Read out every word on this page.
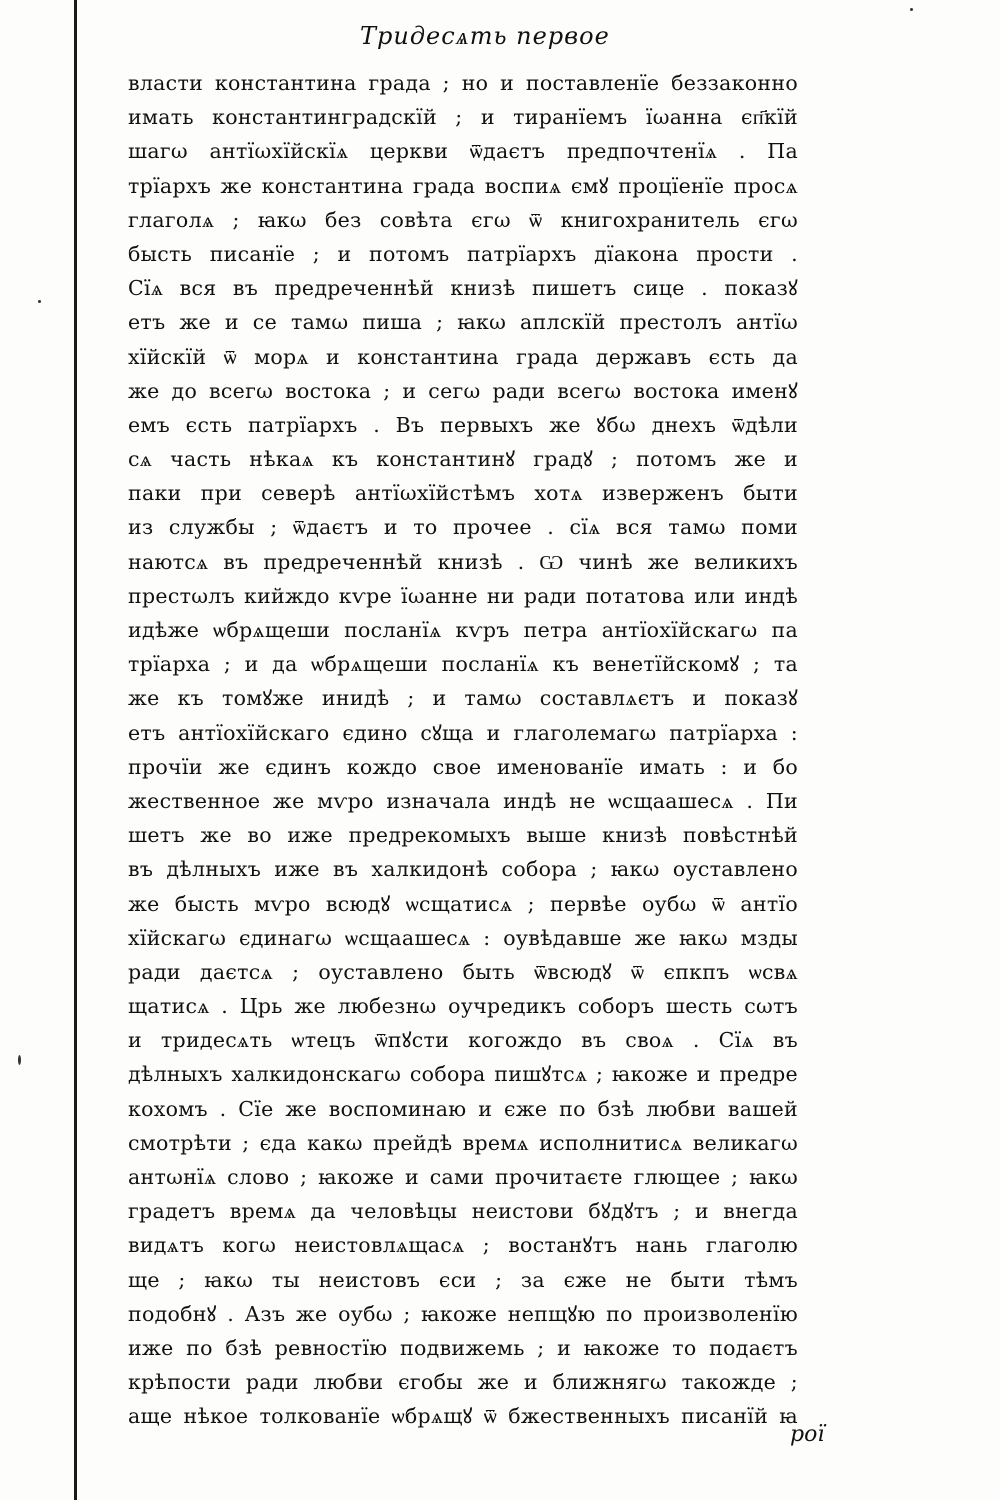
Тридесѧть первое
власти константина града ; но и поставленїе беззаконно
имать константинградскїй ; и тиранїемъ їωанна єп҃кїй
шагω антїωхїйскїѧ церкви ѿдаєтъ предпочтенїѧ . Па
трїархъ же константина града воспиѧ ємꙋ процїенїе просѧ
глаголѧ ; ꙗкω без совѣта єгω ѿ книгохранитель єгω
бысть писанїе ; и потомъ патрїархъ дїакона прости .
Сїѧ вся въ предреченнѣй книзѣ пишетъ сице . показꙋ
етъ же и се тамω пиша ; ꙗкω аплскїй престолъ антїω
хїйскїй ѿ морѧ и константина града державъ єсть да
же до всегω востока ; и сегω ради всегω востока именꙋ
емъ єсть патрїархъ . Въ первыхъ же ꙋбω днехъ ѿдѣли
сѧ часть нѣкаѧ къ константинꙋ градꙋ ; потомъ же и
паки при северѣ антїωхїйстѣмъ хотѧ изверженъ быти
из службы ; ѿдаєтъ и то прочее . сїѧ вся тамω поми
наютсѧ въ предреченнѣй книзѣ . Ѡ чинѣ же великихъ
престωлъ кийждо кѵре їωанне ни ради потатова или индѣ
идѣже ѡбрѧщеши посланїѧ кѵръ петра антїохїйскагω па
трїарха ; и да ѡбрѧщеши посланїѧ къ венетїйскомꙋ ; та
же къ томꙋже инидѣ ; и тамω составлѧєтъ и показꙋ
етъ антїохїйскаго єдино сꙋща и глаголемагω патрїарха :
прочїи же єдинъ кождо свое именованїе имать : и бо
жественное же мѵро изначала индѣ не ѡсщаашесѧ . Пи
шетъ же во иже предреκомыхъ выше книзѣ повѣстнѣй
въ дѣлныхъ иже въ халкидонѣ собора ; ꙗкω оуставлено
же бысть мѵро всюдꙋ ѡсщатисѧ ; первѣе оубω ѿ антїо
хїйскагω єдинагω ѡсщаашесѧ : оувѣдавше же ꙗкω мзды
ради даєтсѧ ; оуставлено быть ѿвсюдꙋ ѿ єпкпъ ѡсвѧ
щатисѧ . Црь же любезнω оучредикъ соборъ шесть сωтъ
и тридесѧть ѡтецъ ѿпꙋсти когождо въ своѧ . Сїѧ въ
дѣлныхъ халкидонскагω собора пишꙋтсѧ ; ꙗкоже и предре
кохомъ . Сїе же воспоминаю и єже по бзѣ любви вашей
смотрѣти ; єда какω прейдѣ времѧ исполнитисѧ великагω
антωнїѧ слово ; ꙗкоже и сами прочитаєте глющее ; ꙗкω
градетъ времѧ да человѣцы неистови бꙋдꙋтъ ; и внегда
видѧтъ когω неистовлѧщасѧ ; востанꙋтъ нань глаголю
ще ; ꙗкω ты неистовъ єси ; за єже не быти тѣмъ
подобнꙋ . Азъ же оубω ; ꙗкоже непщꙋю по произволенїю
иже по бзѣ ревностїю подвижемь ; и ꙗкоже то подаєтъ
крѣпости ради любви єгобы же и ближнягω такожде ;
аще нѣкое толкованїе ѡбрѧщꙋ ѿ бжественныхъ писанїй ꙗ
рої
